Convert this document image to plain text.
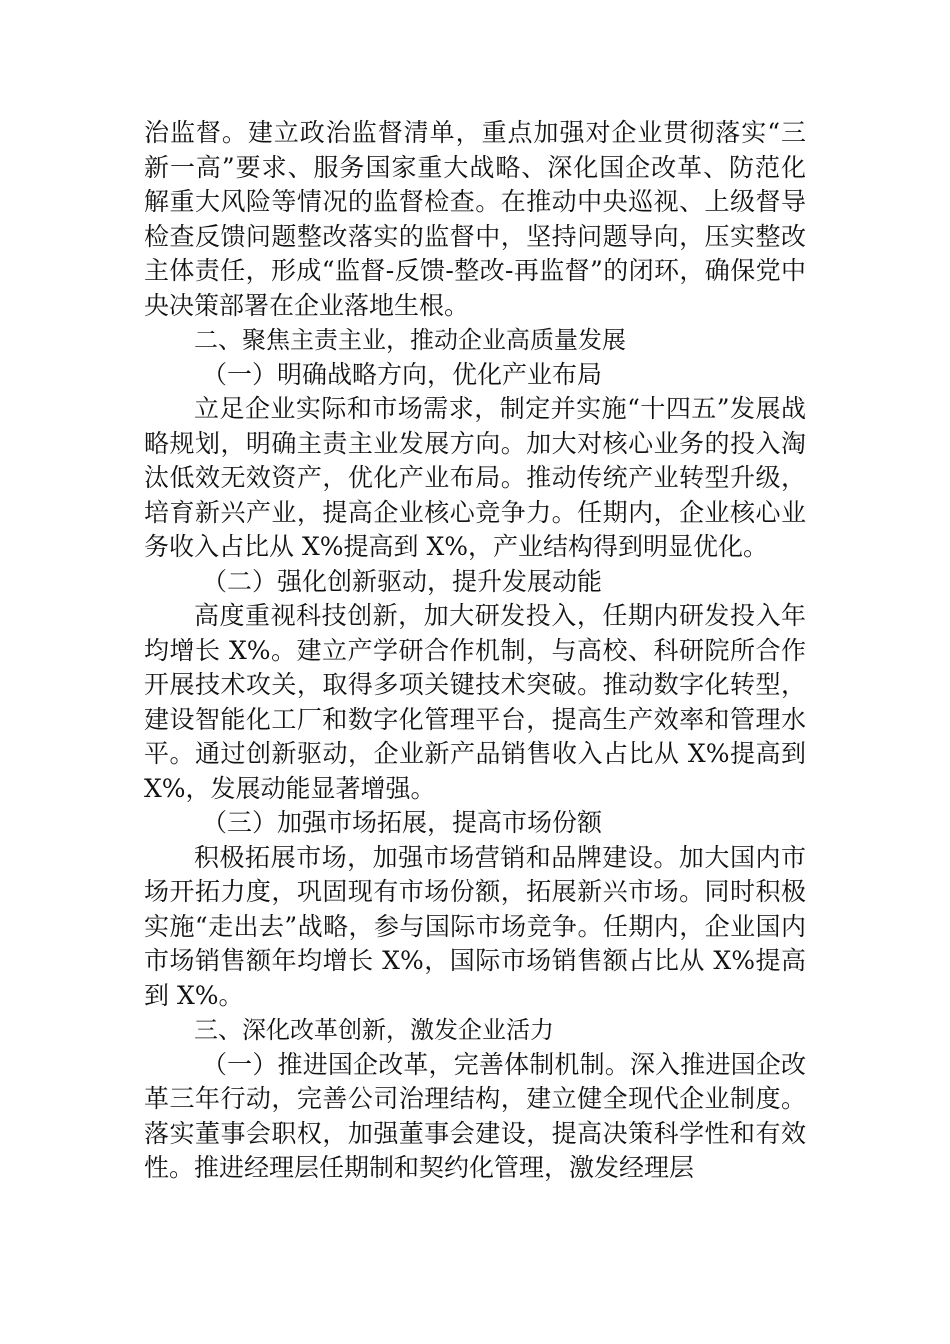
治监督。建立政治监督清单，重点加强对企业贯彻落实“三新一高”要求、服务国家重大战略、深化国企改革、防范化解重大风险等情况的监督检查。在推动中央巡视、上级督导检查反馈问题整改落实的监督中，坚持问题导向，压实整改主体责任，形成“监督-反馈-整改-再监督”的闭环，确保党中央决策部署在企业落地生根。

二、聚焦主责主业，推动企业高质量发展

（一）明确战略方向，优化产业布局

立足企业实际和市场需求，制定并实施“十四五”发展战略规划，明确主责主业发展方向。加大对核心业务的投入淘汰低效无效资产，优化产业布局。推动传统产业转型升级，培育新兴产业，提高企业核心竞争力。任期内，企业核心业务收入占比从 X%提高到 X%，产业结构得到明显优化。

（二）强化创新驱动，提升发展动能

高度重视科技创新，加大研发投入，任期内研发投入年均增长 X%。建立产学研合作机制，与高校、科研院所合作开展技术攻关，取得多项关键技术突破。推动数字化转型，建设智能化工厂和数字化管理平台，提高生产效率和管理水平。通过创新驱动，企业新产品销售收入占比从 X%提高到 X%，发展动能显著增强。

（三）加强市场拓展，提高市场份额

积极拓展市场，加强市场营销和品牌建设。加大国内市场开拓力度，巩固现有市场份额，拓展新兴市场。同时积极实施“走出去”战略，参与国际市场竞争。任期内，企业国内市场销售额年均增长 X%，国际市场销售额占比从 X%提高到 X%。

三、深化改革创新，激发企业活力

（一）推进国企改革，完善体制机制。深入推进国企改革三年行动，完善公司治理结构，建立健全现代企业制度。落实董事会职权，加强董事会建设，提高决策科学性和有效性。推进经理层任期制和契约化管理，激发经理层
